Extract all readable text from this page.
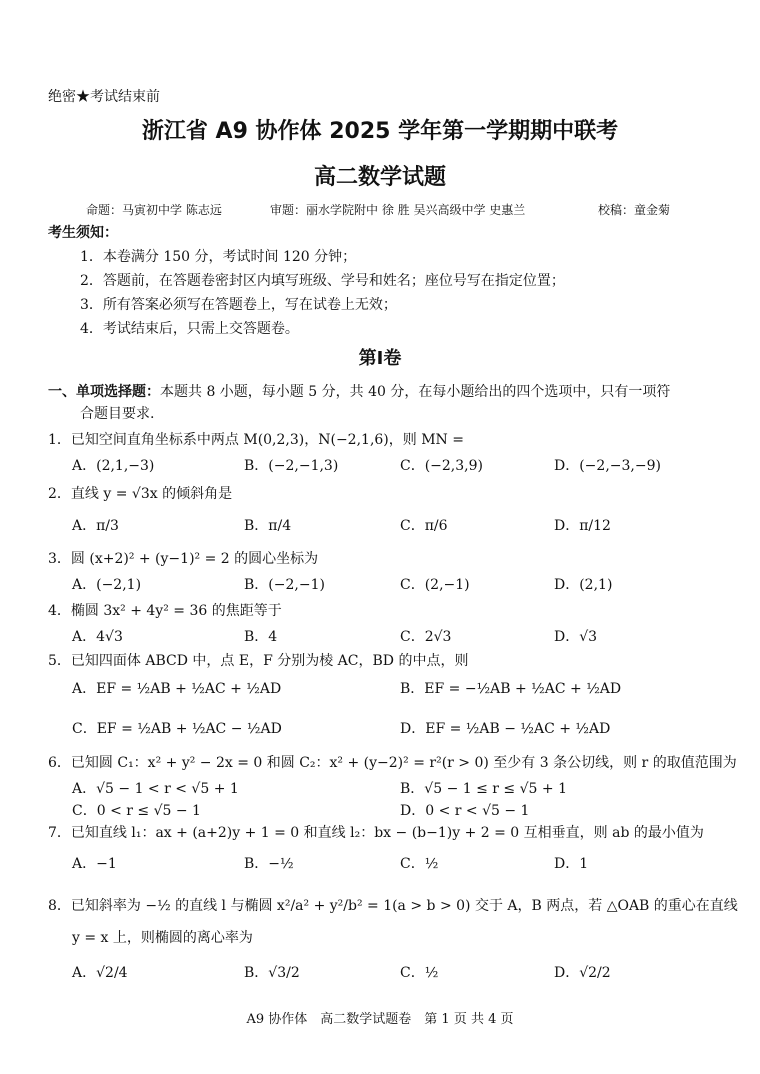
绝密★考试结束前
浙江省 A9 协作体 2025 学年第一学期期中联考
高二数学试题
命题：马寅初中学 陈志远	审题：丽水学院附中 徐 胜 吴兴高级中学 史惠兰	校稿：童金菊
考生须知：
1．本卷满分 150 分，考试时间 120 分钟；
2．答题前，在答题卷密封区内填写班级、学号和姓名；座位号写在指定位置；
3．所有答案必须写在答题卷上，写在试卷上无效；
4．考试结束后，只需上交答题卷。
第Ⅰ卷
一、单项选择题：本题共 8 小题，每小题 5 分，共 40 分，在每小题给出的四个选项中，只有一项符
合题目要求.
1．已知空间直角坐标系中两点 M(0,2,3)，N(−2,1,6)，则 MN =
A．(2,1,−3)	B．(−2,−1,3)	C．(−2,3,9)	D．(−2,−3,−9)
2．直线 y = √3x 的倾斜角是
A．π/3	B．π/4	C．π/6	D．π/12
3．圆 (x+2)² + (y−1)² = 2 的圆心坐标为
A．(−2,1)	B．(−2,−1)	C．(2,−1)	D．(2,1)
4．椭圆 3x² + 4y² = 36 的焦距等于
A．4√3	B．4	C．2√3	D．√3
5．已知四面体 ABCD 中，点 E，F 分别为棱 AC，BD 的中点，则
A．EF = ½AB + ½AC + ½AD	B．EF = −½AB + ½AC + ½AD
C．EF = ½AB + ½AC − ½AD	D．EF = ½AB − ½AC + ½AD
6．已知圆 C₁：x² + y² − 2x = 0 和圆 C₂：x² + (y−2)² = r²(r > 0) 至少有 3 条公切线，则 r 的取值范围为
A．√5 − 1 < r < √5 + 1	B．√5 − 1 ≤ r ≤ √5 + 1
C．0 < r ≤ √5 − 1	D．0 < r < √5 − 1
7．已知直线 l₁：ax + (a+2)y + 1 = 0 和直线 l₂：bx − (b−1)y + 2 = 0 互相垂直，则 ab 的最小值为
A．−1	B．−½	C．½	D．1
8．已知斜率为 −½ 的直线 l 与椭圆 x²/a² + y²/b² = 1(a > b > 0) 交于 A，B 两点，若 △OAB 的重心在直线
y = x 上，则椭圆的离心率为
A．√2/4	B．√3/2	C．½	D．√2/2
A9 协作体　高二数学试题卷　第 1 页 共 4 页
